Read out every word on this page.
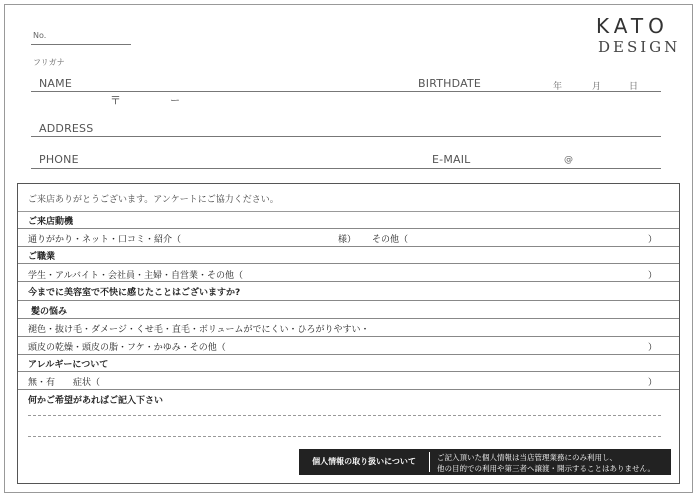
KATO
DESIGN
No.
フリガナ
NAME	BIRTHDATE	年	月	日
〒	ー
ADDRESS
PHONE	E-MAIL	@
ご来店ありがとうございます。アンケートにご協力ください。
ご来店動機
通りがかり・ネット・口コミ・紹介（	様） その他（	）
ご職業
学生・アルバイト・会社員・主婦・自営業・その他（	）
今までに美容室で不快に感じたことはございますか?
髪の悩み
褪色・抜け毛・ダメージ・くせ毛・直毛・ボリュームがでにくい・ひろがりやすい・
頭皮の乾燥・頭皮の脂・フケ・かゆみ・その他（	）
アレルギーについて
無・有　　症状（	）
何かご希望があればご記入下さい
個人情報の取り扱いについて	ご記入頂いた個人情報は当店管理業務にのみ利用し、
他の目的での利用や第三者へ譲渡・開示することはありません。
